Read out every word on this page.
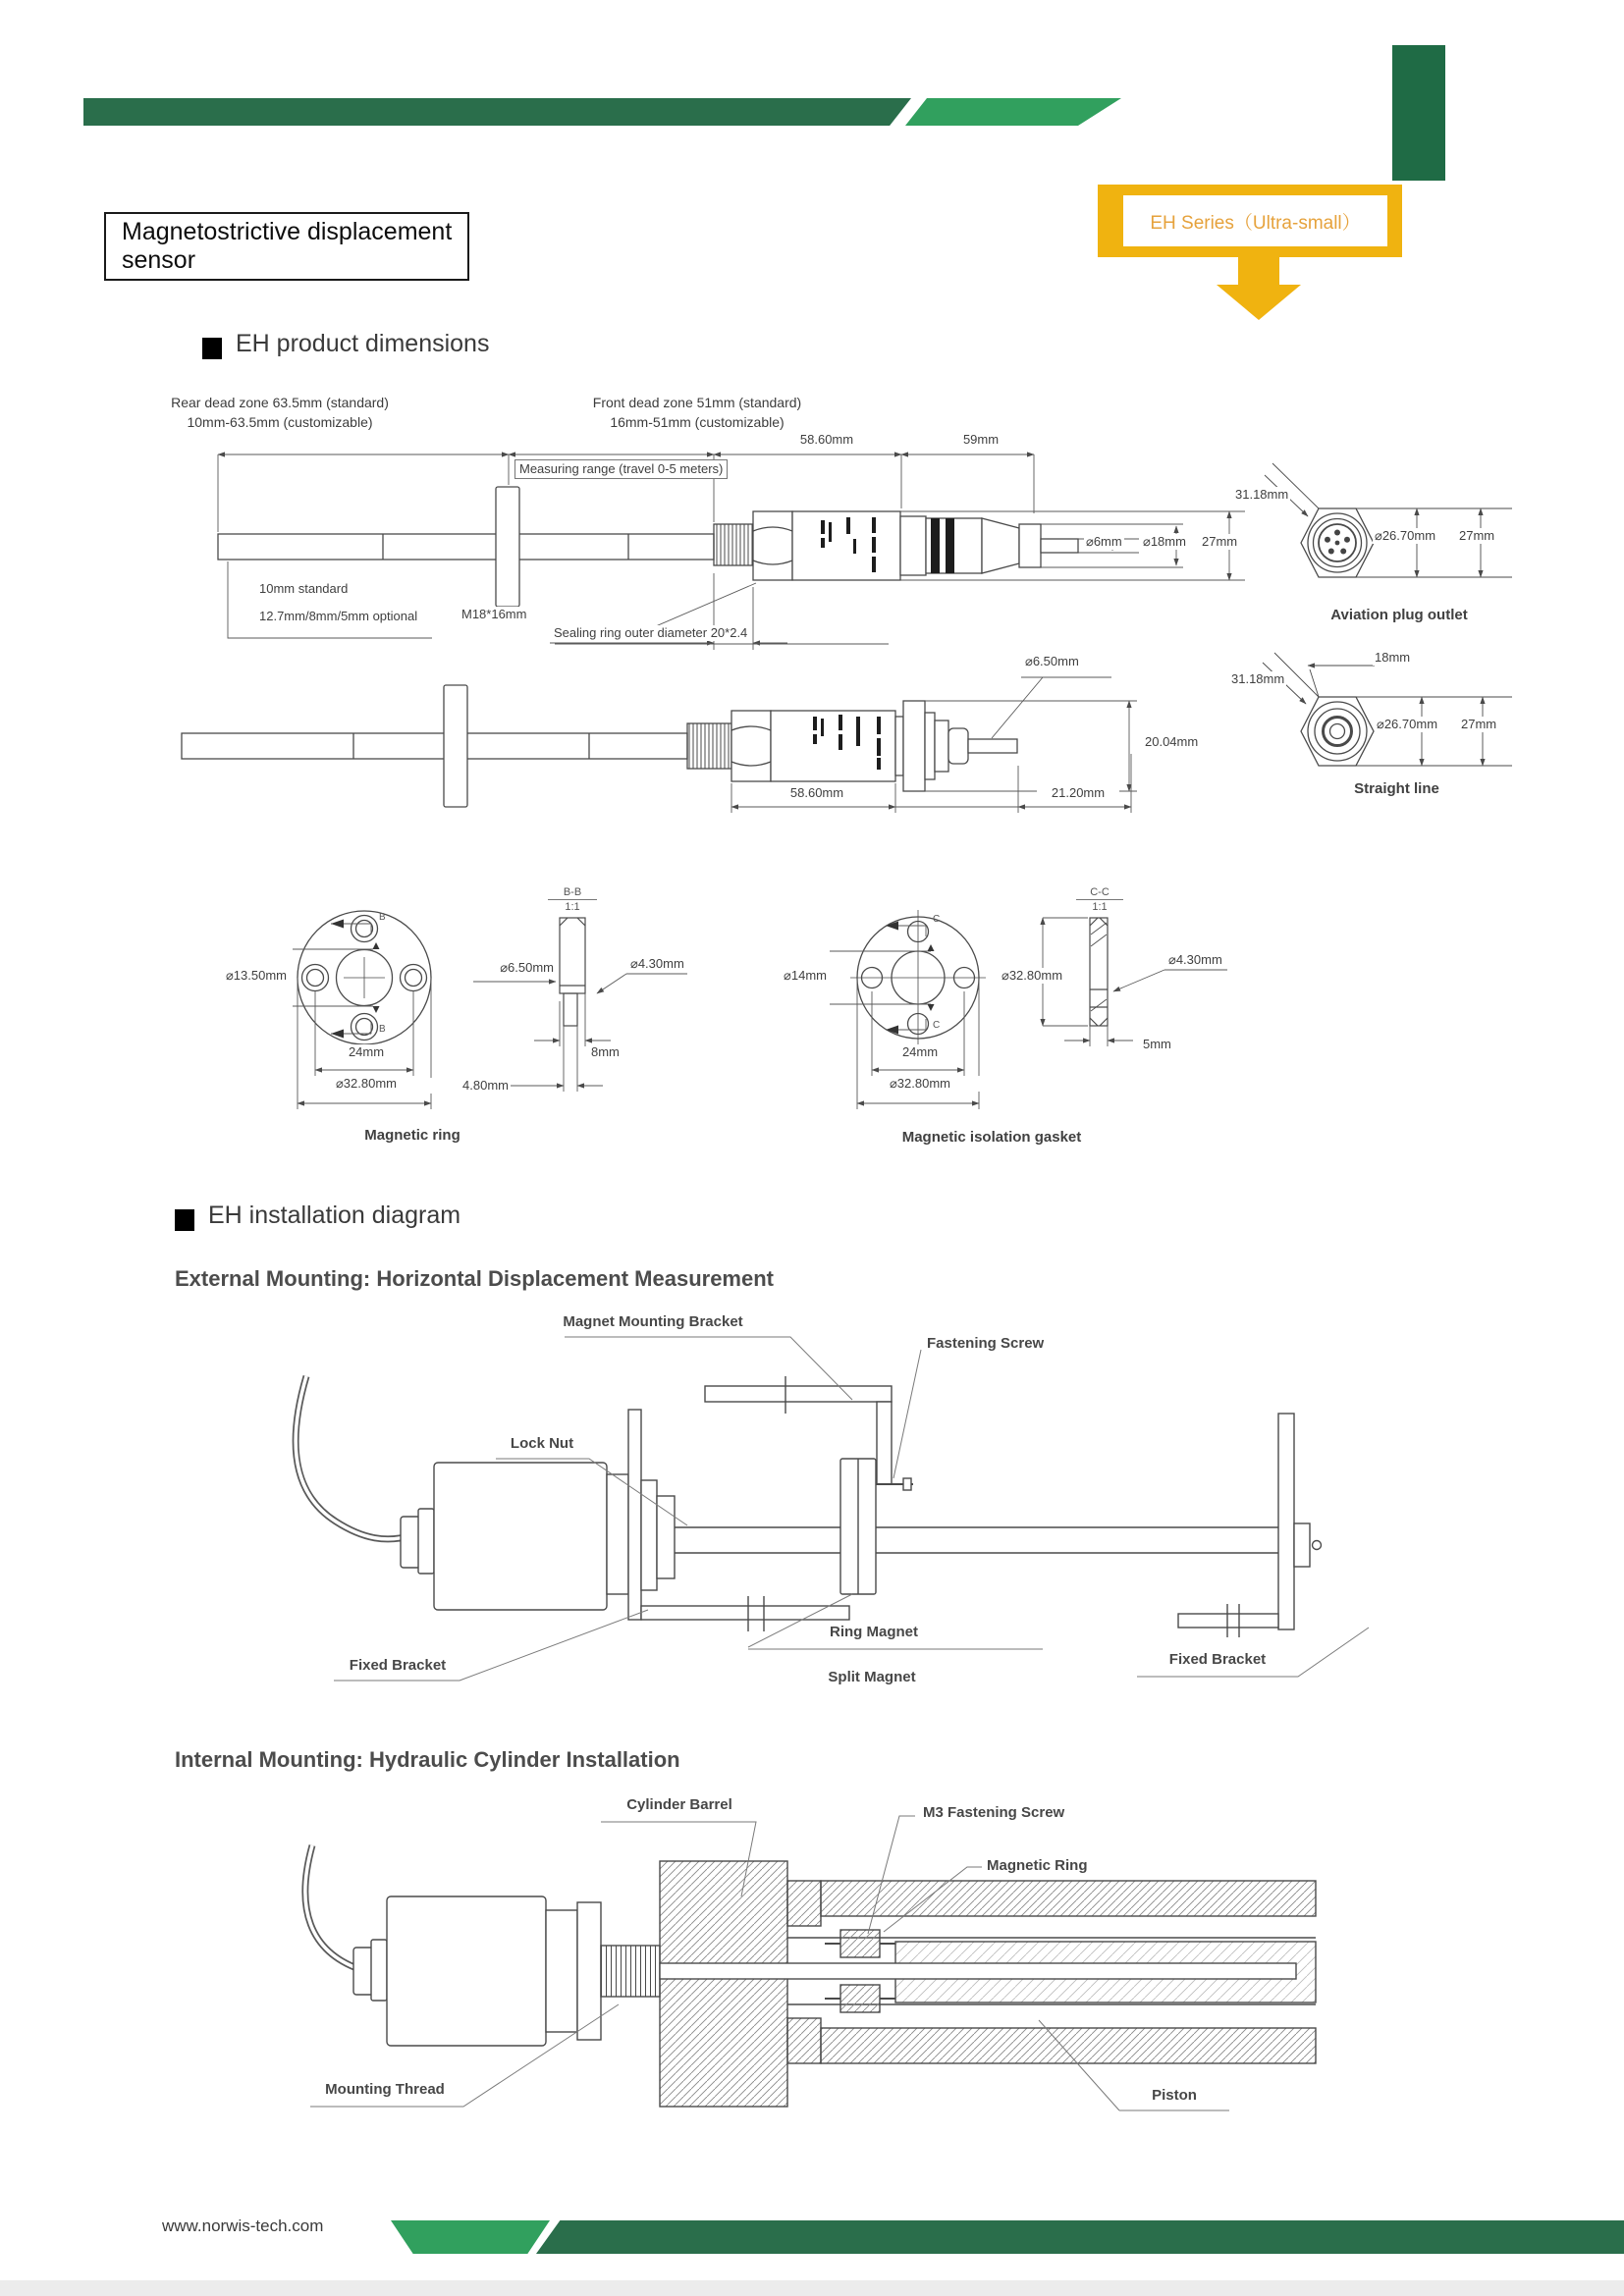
Magnetostrictive displacement sensor
EH Series（Ultra-small）
EH product dimensions
Rear dead zone 63.5mm (standard)
10mm-63.5mm (customizable)
Front dead zone 51mm (standard)
16mm-51mm (customizable)
58.60mm	59mm
Measuring range (travel 0-5 meters)
10mm standard
12.7mm/8mm/5mm optional	M18*16mm
Sealing ring outer diameter 20*2.4
⌀6mm ⌀18mm 27mm
31.18mm
⌀26.70mm 27mm
Aviation plug outlet
31.18mm
18mm
⌀26.70mm 27mm
Straight line
⌀6.50mm
20.04mm
58.60mm	21.20mm
⌀13.50mm
24mm
⌀32.80mm
B-B
1:1
⌀6.50mm	⌀4.30mm
8mm
4.80mm
Magnetic ring
B
B
⌀14mm
24mm
⌀32.80mm
C-C
1:1
⌀32.80mm
⌀4.30mm
5mm
Magnetic isolation gasket
C
C
EH installation diagram
External Mounting: Horizontal Displacement Measurement
Magnet Mounting Bracket
Fastening Screw
Lock Nut
Fixed Bracket
Ring Magnet
Split Magnet
Fixed Bracket
Internal Mounting: Hydraulic Cylinder Installation
Cylinder Barrel	M3 Fastening Screw
Magnetic Ring
Mounting Thread	Piston
www.norwis-tech.com
